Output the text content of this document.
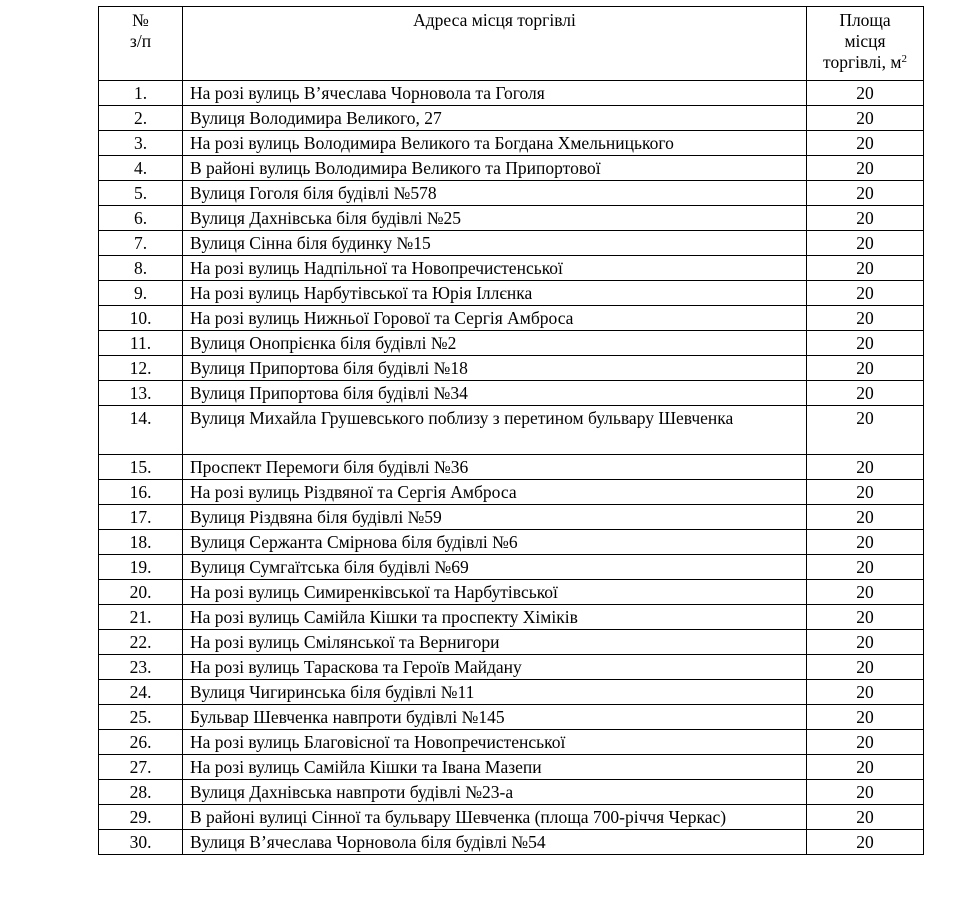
№
з/п	Адреса місця торгівлі	Площа
місця
торгівлі, $м^2$

1.	На розі вулиць В’ячеслава Чорновола та Гоголя	20
2.	Вулиця Володимира Великого, 27	20
3.	На розі вулиць Володимира Великого та Богдана Хмельницького	20
4.	В районі вулиць Володимира Великого та Припортової	20
5.	Вулиця Гоголя біля будівлі №578	20
6.	Вулиця Дахнівська біля будівлі №25	20
7.	Вулиця Сінна біля будинку №15	20
8.	На розі вулиць Надпільної та Новопречистенської	20
9.	На розі вулиць Нарбутівської та Юрія Іллєнка	20
10.	На розі вулиць Нижньої Горової та Сергія Амброса	20
11.	Вулиця Онопрієнка біля будівлі №2	20
12.	Вулиця Припортова біля будівлі №18	20
13.	Вулиця Припортова біля будівлі №34	20
14.	Вулиця Михайла Грушевського поблизу з перетином бульвару Шевченка	20
15.	Проспект Перемоги біля будівлі №36	20
16.	На розі вулиць Різдвяної та Сергія Амброса	20
17.	Вулиця Різдвяна біля будівлі №59	20
18.	Вулиця Сержанта Смірнова біля будівлі №6	20
19.	Вулиця Сумгаїтська біля будівлі №69	20
20.	На розі вулиць Симиренківської та Нарбутівської	20
21.	На розі вулиць Самійла Кішки та проспекту Хіміків	20
22.	На розі вулиць Смілянської та Вернигори	20
23.	На розі вулиць Тараскова та Героїв Майдану	20
24.	Вулиця Чигиринська біля будівлі №11	20
25.	Бульвар Шевченка навпроти будівлі №145	20
26.	На розі вулиць Благовісної та Новопречистенської	20
27.	На розі вулиць Самійла Кішки та Івана Мазепи	20
28.	Вулиця Дахнівська навпроти будівлі №23-а	20
29.	В районі вулиці Сінної та бульвару Шевченка (площа 700-річчя Черкас)	20
30.	Вулиця В’ячеслава Чорновола біля будівлі №54	20
